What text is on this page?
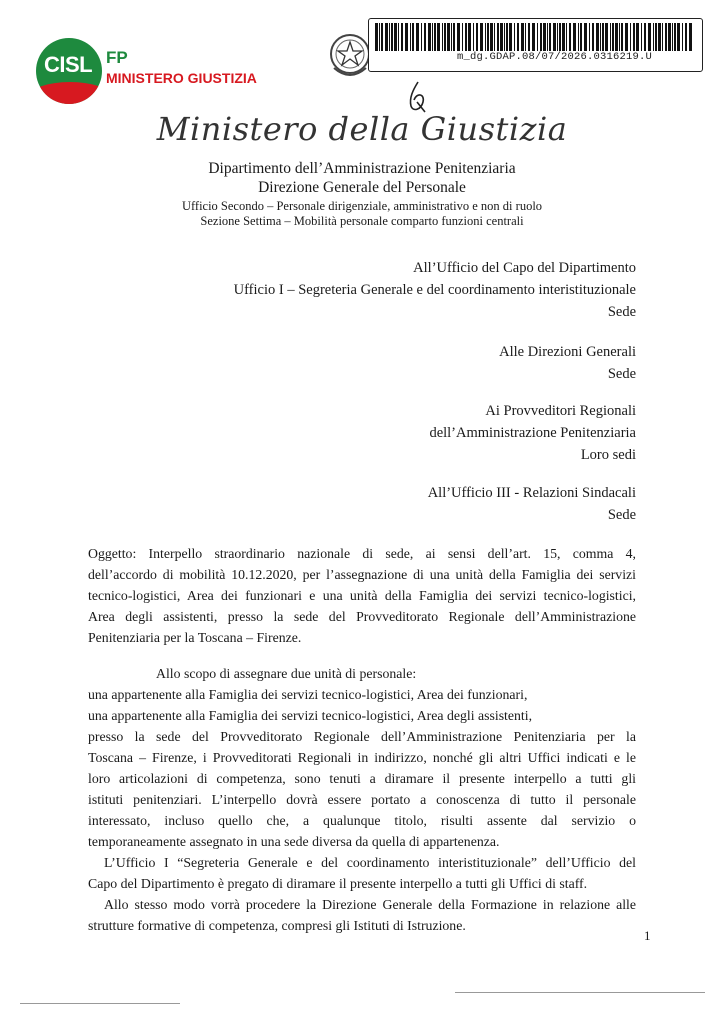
CISL FP
MINISTERO GIUSTIZIA
m_dg.GDAP.08/07/2026.0316219.U
Ministero della Giustizia
Dipartimento dell’Amministrazione Penitenziaria
Direzione Generale del Personale
Ufficio Secondo – Personale dirigenziale, amministrativo e non di ruolo
Sezione Settima – Mobilità personale comparto funzioni centrali
All’Ufficio del Capo del Dipartimento
Ufficio I – Segreteria Generale e del coordinamento interistituzionale
Sede
Alle Direzioni Generali
Sede
Ai Provveditori Regionali
dell’Amministrazione Penitenziaria
Loro sedi
All’Ufficio III - Relazioni Sindacali
Sede
Oggetto: Interpello straordinario nazionale di sede, ai sensi dell’art. 15, comma 4,
dell’accordo di mobilità 10.12.2020, per l’assegnazione di una unità della Famiglia dei servizi
tecnico-logistici, Area dei funzionari e una unità della Famiglia dei servizi tecnico-logistici,
Area degli assistenti, presso la sede del Provveditorato Regionale dell’Amministrazione
Penitenziaria per la Toscana – Firenze.
Allo scopo di assegnare due unità di personale:
una appartenente alla Famiglia dei servizi tecnico-logistici, Area dei funzionari,
una appartenente alla Famiglia dei servizi tecnico-logistici, Area degli assistenti,
presso la sede del Provveditorato Regionale dell’Amministrazione Penitenziaria per la
Toscana – Firenze, i Provveditorati Regionali in indirizzo, nonché gli altri Uffici indicati e le
loro articolazioni di competenza, sono tenuti a diramare il presente interpello a tutti gli
istituti penitenziari. L’interpello dovrà essere portato a conoscenza di tutto il personale
interessato, incluso quello che, a qualunque titolo, risulti assente dal servizio o
temporaneamente assegnato in una sede diversa da quella di appartenenza.
L’Ufficio I “Segreteria Generale e del coordinamento interistituzionale” dell’Ufficio del
Capo del Dipartimento è pregato di diramare il presente interpello a tutti gli Uffici di staff.
Allo stesso modo vorrà procedere la Direzione Generale della Formazione in relazione alle
strutture formative di competenza, compresi gli Istituti di Istruzione.
1
